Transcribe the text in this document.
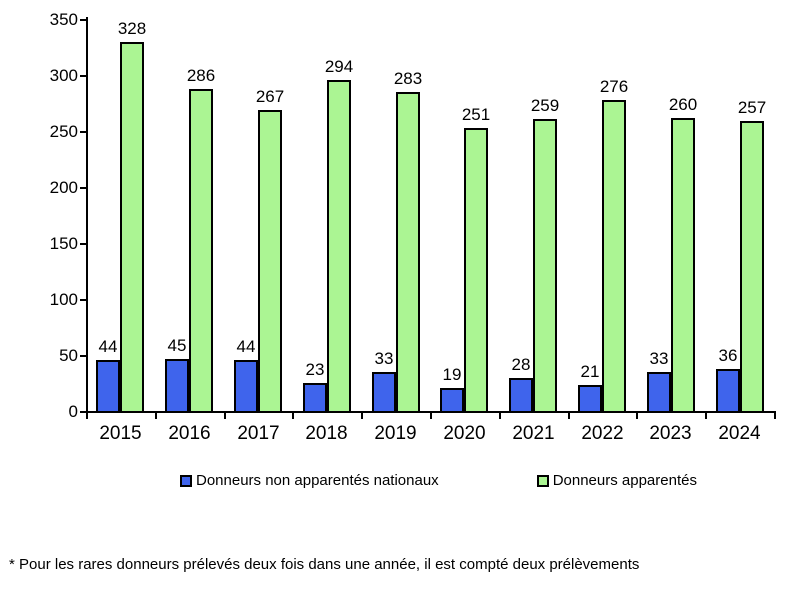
0
50
100
150
200
250
300
350
44
328
2015
45
286
2016
44
267
2017
23
294
2018
33
283
2019
19
251
2020
28
259
2021
21
276
2022
33
260
2023
36
257
2024
Donneurs non apparentés nationaux	Donneurs apparentés
* Pour les rares donneurs prélevés deux fois dans une année, il est compté deux prélèvements
